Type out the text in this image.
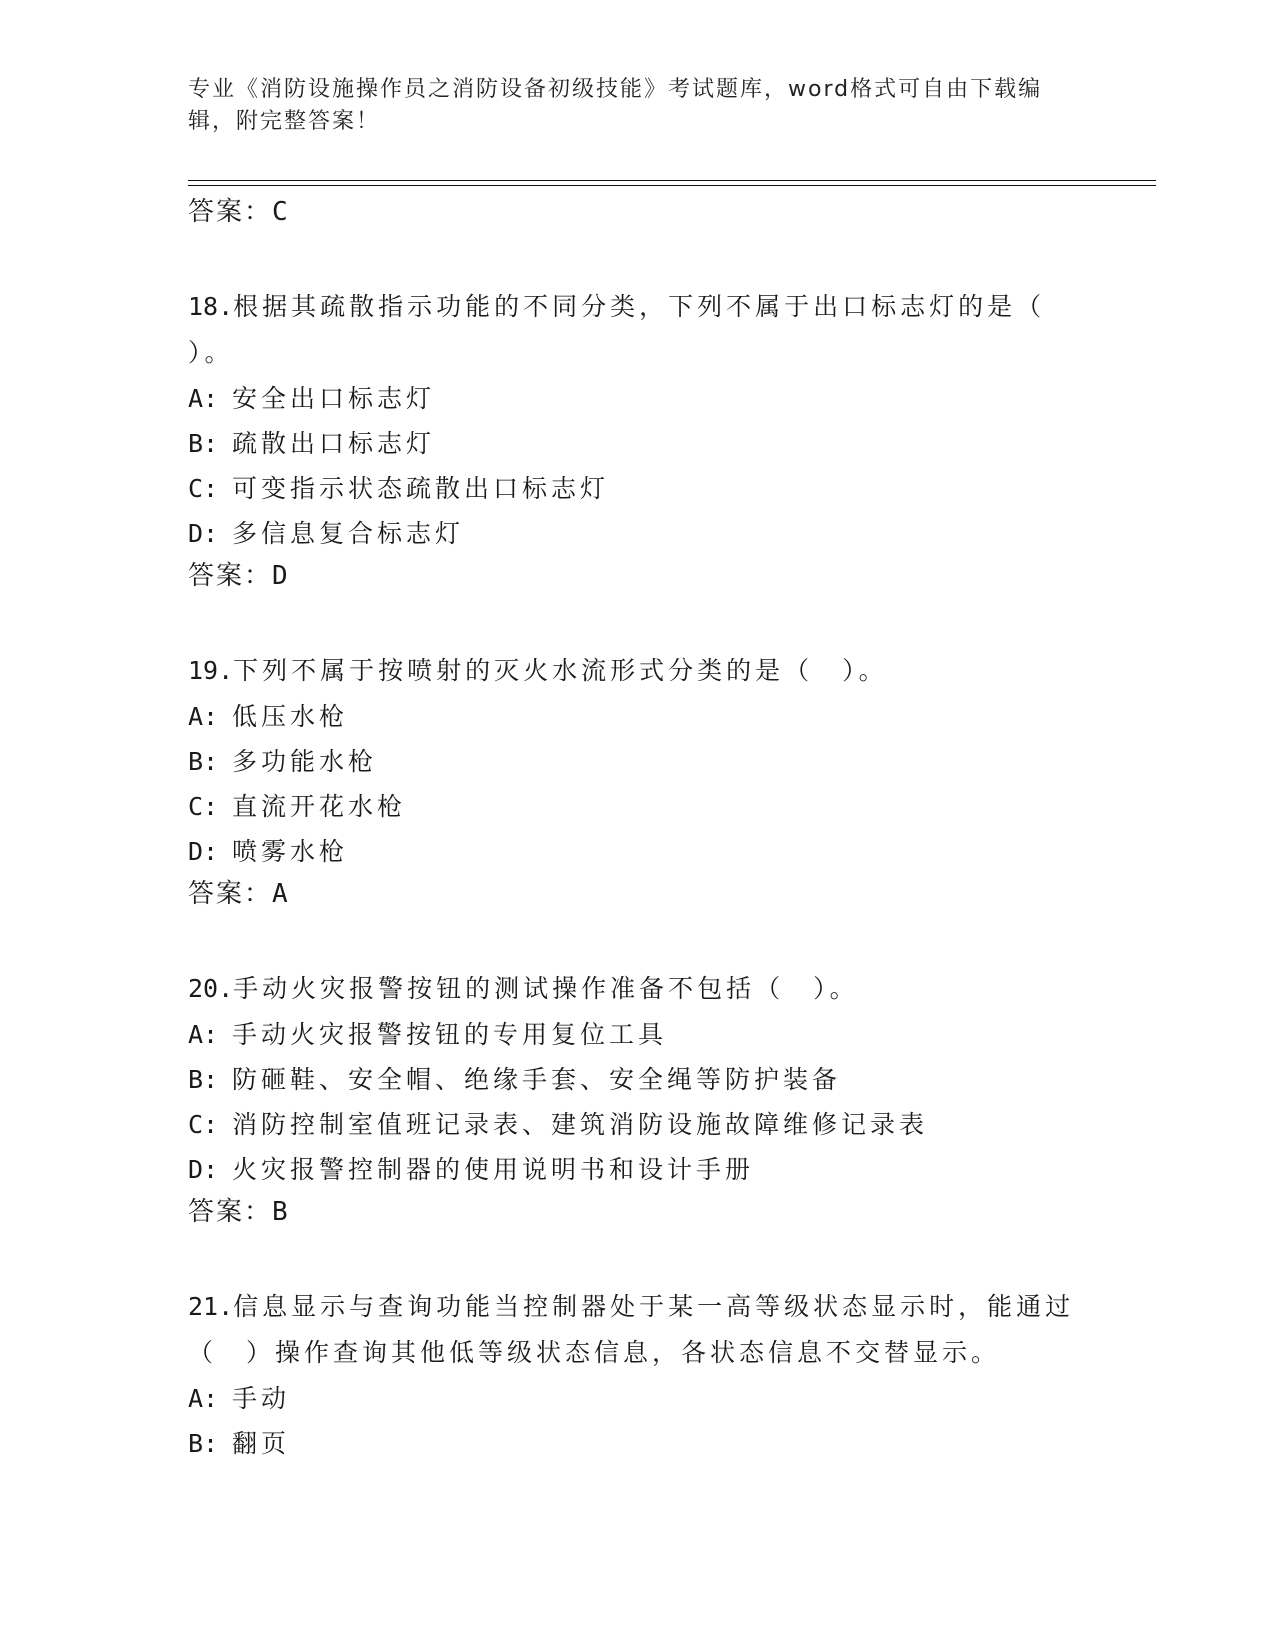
专业《消防设施操作员之消防设备初级技能》考试题库，word格式可自由下载编辑，附完整答案！
答案：C
18.根据其疏散指示功能的不同分类，下列不属于出口标志灯的是（ ）。
A: 安全出口标志灯
B: 疏散出口标志灯
C: 可变指示状态疏散出口标志灯
D: 多信息复合标志灯
答案：D
19.下列不属于按喷射的灭火水流形式分类的是（　）。
A: 低压水枪
B: 多功能水枪
C: 直流开花水枪
D: 喷雾水枪
答案：A
20.手动火灾报警按钮的测试操作准备不包括（　）。
A: 手动火灾报警按钮的专用复位工具
B: 防砸鞋、安全帽、绝缘手套、安全绳等防护装备
C: 消防控制室值班记录表、建筑消防设施故障维修记录表
D: 火灾报警控制器的使用说明书和设计手册
答案：B
21.信息显示与查询功能当控制器处于某一高等级状态显示时，能通过（　）操作查询其他低等级状态信息，各状态信息不交替显示。
A: 手动
B: 翻页
